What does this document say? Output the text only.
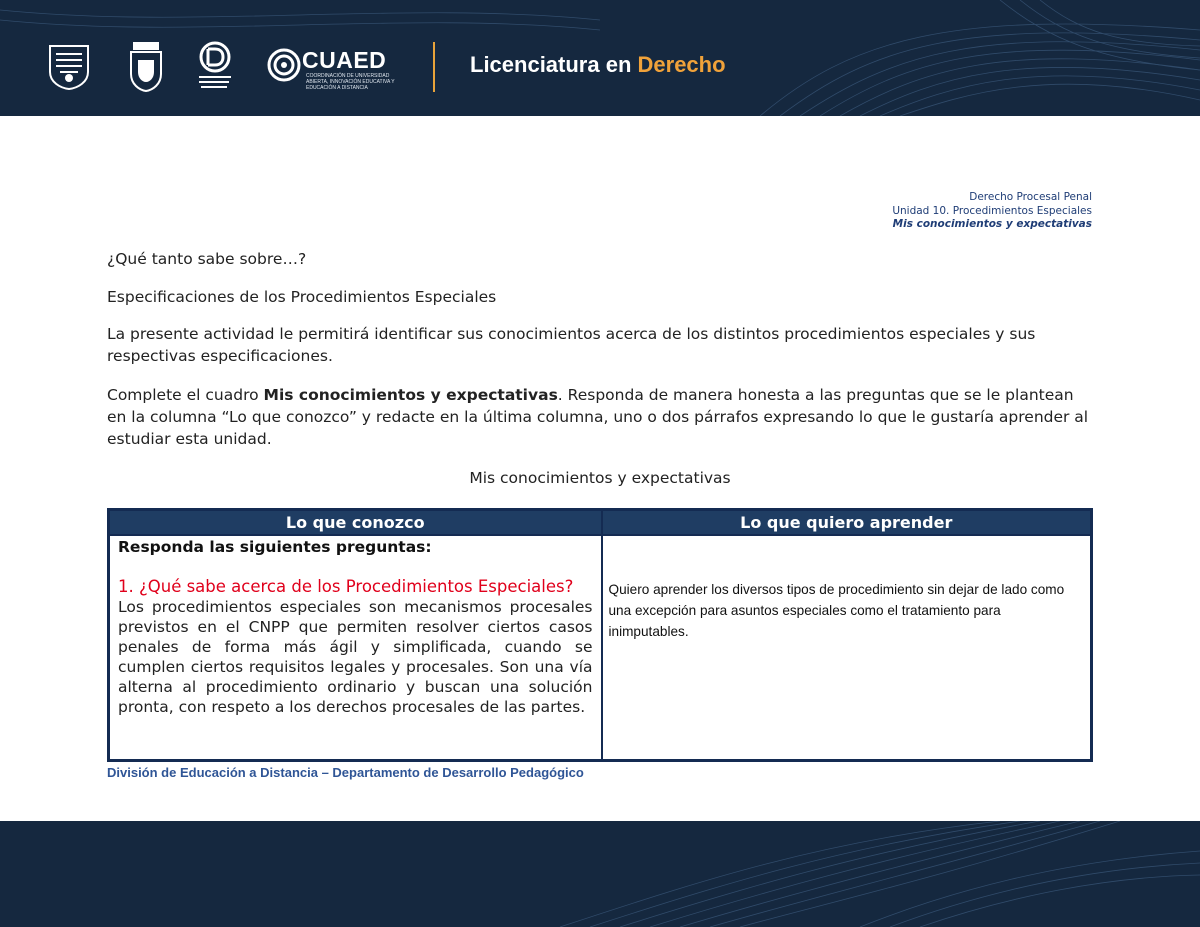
CUAED
COORDINACIÓN DE UNIVERSIDAD ABIERTA, INNOVACIÓN EDUCATIVA Y EDUCACIÓN A DISTANCIA
Licenciatura en Derecho
Derecho Procesal Penal
Unidad 10. Procedimientos Especiales
Mis conocimientos y expectativas

¿Qué tanto sabe sobre…?

Especificaciones de los Procedimientos Especiales

La presente actividad le permitirá identificar sus conocimientos acerca de los distintos procedimientos especiales y sus respectivas especificaciones.

Complete el cuadro Mis conocimientos y expectativas. Responda de manera honesta a las preguntas que se le plantean en la columna “Lo que conozco” y redacte en la última columna, uno o dos párrafos expresando lo que le gustaría aprender al estudiar esta unidad.

Mis conocimientos y expectativas

Lo que conozco	Lo que quiero aprender

Responda las siguientes preguntas:
1. ¿Qué sabe acerca de los Procedimientos Especiales?
Los procedimientos especiales son mecanismos procesales previstos en el CNPP que permiten resolver ciertos casos penales de forma más ágil y simplificada, cuando se cumplen ciertos requisitos legales y procesales. Son una vía alterna al procedimiento ordinario y buscan una solución pronta, con respeto a los derechos procesales de las partes.	Quiero aprender los diversos tipos de procedimiento sin dejar de lado como una excepción para asuntos especiales como el tratamiento para inimputables.
División de Educación a Distancia – Departamento de Desarrollo Pedagógico
